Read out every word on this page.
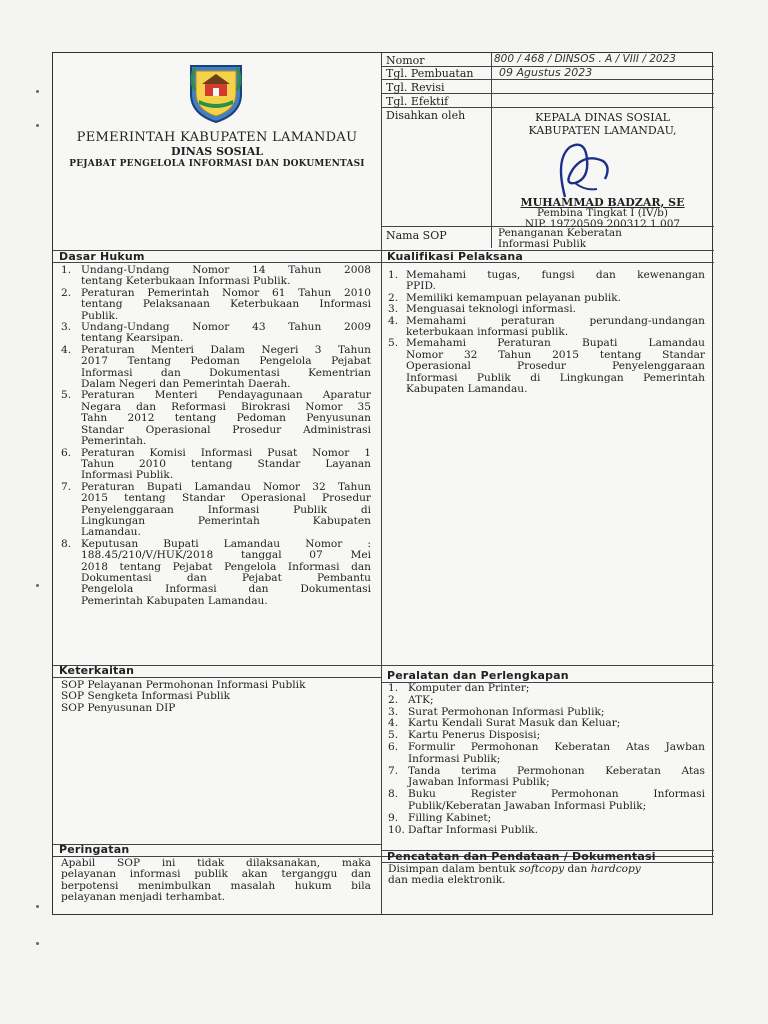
PEMERINTAH KABUPATEN LAMANDAU
DINAS SOSIAL
PEJABAT PENGELOLA INFORMASI DAN DOKUMENTASI
Nomor	800 / 468 / DINSOS . A / VIII / 2023
Tgl. Pembuatan 09 Agustus 2023
Tgl. Revisi
Tgl. Efektif
Disahkan oleh	KEPALA DINAS SOSIAL
KABUPATEN LAMANDAU,
MUHAMMAD BADZAR, SE
Pembina Tingkat I (IV/b)
NIP. 19720509 200312 1 007
Nama SOP	Penanganan Keberatan
Informasi Publik
Dasar Hukum
1. Undang-Undang Nomor 14 Tahun 2008
tentang Keterbukaan Informasi Publik.
2. Peraturan Pemerintah Nomor 61 Tahun 2010
tentang Pelaksanaan Keterbukaan Informasi
Publik.
3. Undang-Undang Nomor 43 Tahun 2009
tentang Kearsipan.
4. Peraturan Menteri Dalam Negeri 3 Tahun
2017 Tentang Pedoman Pengelola Pejabat
Informasi dan Dokumentasi Kementrian
Dalam Negeri dan Pemerintah Daerah.
5. Peraturan Menteri Pendayagunaan Aparatur
Negara dan Reformasi Birokrasi Nomor 35
Tahn 2012 tentang Pedoman Penyusunan
Standar Operasional Prosedur Administrasi
Pemerintah.
6. Peraturan Komisi Informasi Pusat Nomor 1
Tahun 2010 tentang Standar Layanan
Informasi Publik.
7. Peraturan Bupati Lamandau Nomor 32 Tahun
2015 tentang Standar Operasional Prosedur
Penyelenggaraan Informasi Publik di
Lingkungan Pemerintah Kabupaten
Lamandau.
8. Keputusan Bupati Lamandau Nomor :
188.45/210/V/HUK/2018 tanggal 07 Mei
2018 tentang Pejabat Pengelola Informasi dan
Dokumentasi dan Pejabat Pembantu
Pengelola Informasi dan Dokumentasi
Pemerintah Kabupaten Lamandau.
Kualifikasi Pelaksana
1. Memahami tugas, fungsi dan kewenangan
PPID.
2. Memiliki kemampuan pelayanan publik.
3. Menguasai teknologi informasi.
4. Memahami peraturan perundang-undangan
keterbukaan informasi publik.
5. Memahami Peraturan Bupati Lamandau
Nomor 32 Tahun 2015 tentang Standar
Operasional Prosedur Penyelenggaraan
Informasi Publik di Lingkungan Pemerintah
Kabupaten Lamandau.
Keterkaitan
SOP Pelayanan Permohonan Informasi Publik
SOP Sengketa Informasi Publik
SOP Penyusunan DIP
Peralatan dan Perlengkapan
1. Komputer dan Printer;
2. ATK;
3. Surat Permohonan Informasi Publik;
4. Kartu Kendali Surat Masuk dan Keluar;
5. Kartu Penerus Disposisi;
6. Formulir Permohonan Keberatan Atas Jawban
Informasi Publik;
7. Tanda terima Permohonan Keberatan Atas
Jawaban Informasi Publik;
8. Buku Register Permohonan Informasi
Publik/Keberatan Jawaban Informasi Publik;
9. Filling Kabinet;
10. Daftar Informasi Publik.
Peringatan
Apabil SOP ini tidak dilaksanakan, maka
pelayanan informasi publik akan terganggu dan
berpotensi menimbulkan masalah hukum bila
pelayanan menjadi terhambat.
Pencatatan dan Pendataan / Dokumentasi
Disimpan dalam bentuk softcopy dan hardcopy
dan media elektronik.
